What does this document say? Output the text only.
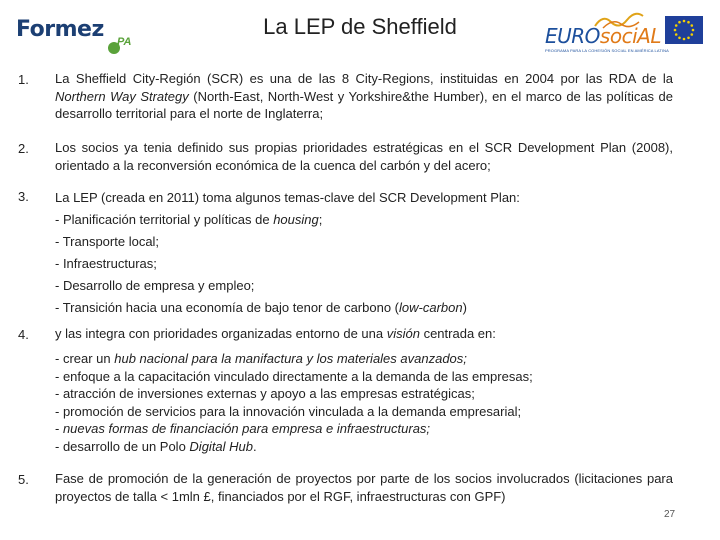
Formez PA
La LEP de Sheffield	EUROsociAL
PROGRAMA PARA LA COHESIÓN SOCIAL EN AMÉRICA LATINA
1. La Sheffield City-Región (SCR) es una de las 8 City-Regions, instituidas en 2004 por las RDA de la Northern Way Strategy (North-East, North-West y Yorkshire&the Humber), en el marco de las políticas de desarrollo territorial para el norte de Inglaterra;
2. Los socios ya tenia definido sus propias prioridades estratégicas en el SCR Development Plan (2008), orientado a la reconversión económica de la cuenca del carbón y del acero;
3. La LEP (creada en 2011) toma algunos temas-clave del SCR Development Plan:
- Planificación territorial y políticas de housing;
- Transporte local;
- Infraestructuras;
- Desarrollo de empresa y empleo;
- Transición hacia una economía de bajo tenor de carbono (low-carbon)
4. y las integra con prioridades organizadas entorno de una visión centrada en:
- crear un hub nacional para la manifactura y los materiales avanzados;
- enfoque a la capacitación vinculado directamente a la demanda de las empresas;
- atracción de inversiones externas y apoyo a las empresas estratégicas;
- promoción de servicios para la innovación vinculada a la demanda empresarial;
- nuevas formas de financiación para empresa e infraestructuras;
- desarrollo de un Polo Digital Hub.
5. Fase de promoción de la generación de proyectos por parte de los socios involucrados (licitaciones para proyectos de talla < 1mln £, financiados por el RGF, infraestructuras con GPF)
27
